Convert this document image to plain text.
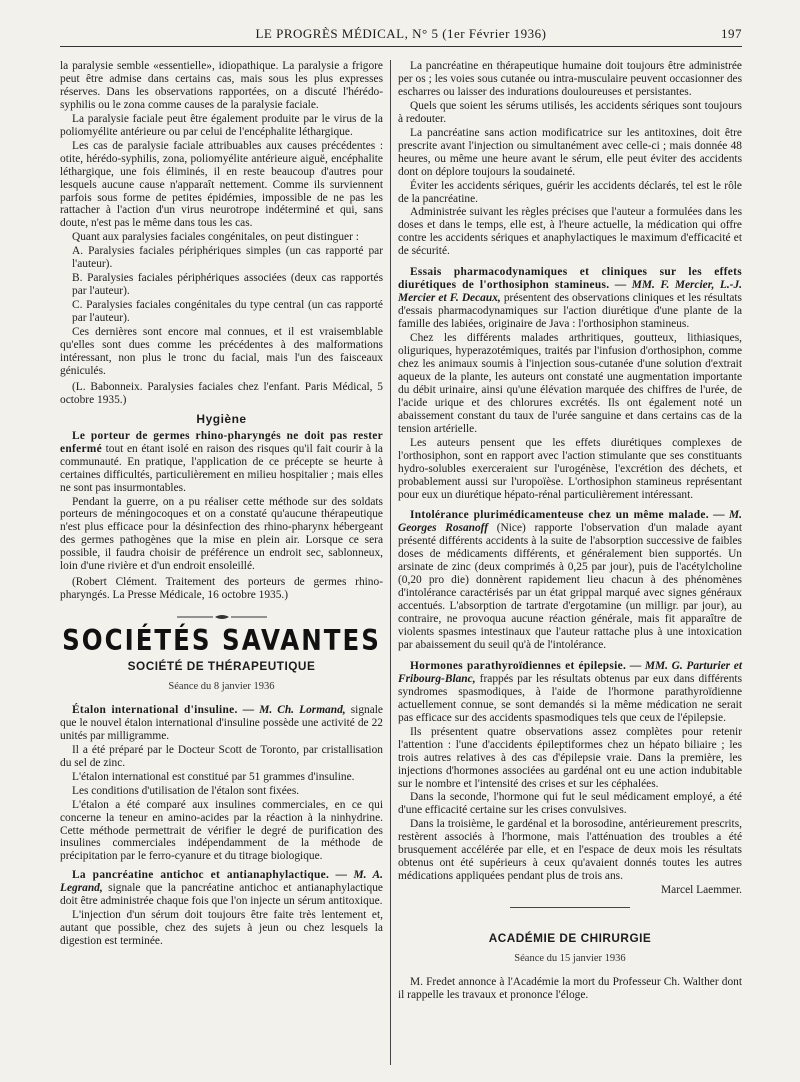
LE PROGRÈS MÉDICAL, N° 5 (1er Février 1936)	197

la paralysie semble «essentielle», idiopathique. La paralysie a frigore peut être admise dans certains cas, mais sous les plus expresses réserves. Dans les observations rapportées, on a discuté l'hérédo-syphilis ou le zona comme causes de la paralysie faciale.

La paralysie faciale peut être également produite par le virus de la poliomyélite antérieure ou par celui de l'encéphalite léthargique.

Les cas de paralysie faciale attribuables aux causes précédentes : otite, hérédo-syphilis, zona, poliomyélite antérieure aiguë, encéphalite léthargique, une fois éliminés, il en reste beaucoup d'autres pour lesquels aucune cause n'apparaît nettement. Comme ils surviennent parfois sous forme de petites épidémies, impossible de ne pas les rattacher à l'action d'un virus neurotrope indéterminé et qui, sans doute, n'est pas le même dans tous les cas.

Quant aux paralysies faciales congénitales, on peut distinguer :

A. Paralysies faciales périphériques simples (un cas rapporté par l'auteur).

B. Paralysies faciales périphériques associées (deux cas rapportés par l'auteur).

C. Paralysies faciales congénitales du type central (un cas rapporté par l'auteur).

Ces dernières sont encore mal connues, et il est vraisemblable qu'elles sont dues comme les précédentes à des malformations intéressant, non plus le tronc du facial, mais l'un des faisceaux géniculés.

(L. Babonneix. Paralysies faciales chez l'enfant. Paris Médical, 5 octobre 1935.)

Hygiène

Le porteur de germes rhino-pharyngés ne doit pas rester enfermé tout en étant isolé en raison des risques qu'il fait courir à la communauté. En pratique, l'application de ce précepte se heurte à certaines difficultés, particulièrement en milieu hospitalier ; mais elles ne sont pas insurmontables.

Pendant la guerre, on a pu réaliser cette méthode sur des soldats porteurs de méningocoques et on a constaté qu'aucune thérapeutique n'est plus efficace pour la désinfection des rhino-pharynx hébergeant des germes pathogènes que la mise en plein air. Lorsque ce sera possible, il faudra choisir de préférence un endroit sec, sablonneux, loin d'une rivière et d'un endroit ensoleillé.

(Robert Clément. Traitement des porteurs de germes rhino-pharyngés. La Presse Médicale, 16 octobre 1935.)

SOCIÉTÉS SAVANTES
SOCIÉTÉ DE THÉRAPEUTIQUE
Séance du 8 janvier 1936

Étalon international d'insuline. — M. Ch. Lormand, signale que le nouvel étalon international d'insuline possède une activité de 22 unités par milligramme.

Il a été préparé par le Docteur Scott de Toronto, par cristallisation du sel de zinc.

L'étalon international est constitué par 51 grammes d'insuline.

Les conditions d'utilisation de l'étalon sont fixées.

L'étalon a été comparé aux insulines commerciales, en ce qui concerne la teneur en amino-acides par la réaction à la ninhydrine. Cette méthode permettrait de vérifier le degré de purification des insulines commerciales indépendamment de la méthode de précipitation par le ferro-cyanure et du titrage biologique.

La pancréatine antichoc et antianaphylactique. — M. A. Legrand, signale que la pancréatine antichoc et antianaphylactique doit être administrée chaque fois que l'on injecte un sérum antitoxique.

L'injection d'un sérum doit toujours être faite très lentement et, autant que possible, chez des sujets à jeun ou chez lesquels la digestion est terminée.

La pancréatine en thérapeutique humaine doit toujours être administrée per os ; les voies sous cutanée ou intra-musculaire peuvent occasionner des escharres ou laisser des indurations douloureuses et persistantes.

Quels que soient les sérums utilisés, les accidents sériques sont toujours à redouter.

La pancréatine sans action modificatrice sur les antitoxines, doit être prescrite avant l'injection ou simultanément avec celle-ci ; mais donnée 48 heures, ou même une heure avant le sérum, elle peut éviter des accidents dont on déplore toujours la soudaineté.

Éviter les accidents sériques, guérir les accidents déclarés, tel est le rôle de la pancréatine.

Administrée suivant les règles précises que l'auteur a formulées dans les doses et dans le temps, elle est, à l'heure actuelle, la médication qui offre contre les accidents sériques et anaphylactiques le maximum d'efficacité et de sécurité.

Essais pharmacodynamiques et cliniques sur les effets diurétiques de l'orthosiphon stamineus. — MM. F. Mercier, L.-J. Mercier et F. Decaux, présentent des observations cliniques et les résultats d'essais pharmacodynamiques sur l'action diurétique d'une plante de la famille des labiées, originaire de Java : l'orthosiphon stamineus.

Chez les différents malades arthritiques, goutteux, lithiasiques, oliguriques, hyperazotémiques, traités par l'infusion d'orthosiphon, comme chez les animaux soumis à l'injection sous-cutanée d'une solution d'extrait aqueux de la plante, les auteurs ont constaté une augmentation importante du débit urinaire, ainsi qu'une élévation marquée des chiffres de l'urée, de l'acide urique et des chlorures excrétés. Ils ont également noté un abaissement constant du taux de l'urée sanguine et dans certains cas de la tension artérielle.

Les auteurs pensent que les effets diurétiques complexes de l'orthosiphon, sont en rapport avec l'action stimulante que ses constituants hydro-solubles exerceraient sur l'urogénèse, l'excrétion des déchets, et probablement aussi sur l'uropoïèse. L'orthosiphon stamineus représentant pour eux un diurétique hépato-rénal particulièrement intéressant.

Intolérance plurimédicamenteuse chez un même malade. — M. Georges Rosanoff (Nice) rapporte l'observation d'un malade ayant présenté différents accidents à la suite de l'absorption successive de faibles doses de médicaments différents, et généralement bien supportés. Un arsinate de zinc (deux comprimés à 0,25 par jour), puis de l'acétylcholine (0,20 pro die) donnèrent rapidement lieu chacun à des phénomènes d'intolérance caractérisés par un état grippal marqué avec signes généraux accentués. L'absorption de tartrate d'ergotamine (un milligr. par jour), au contraire, ne provoqua aucune réaction générale, mais fit apparaître de violents spasmes intestinaux que l'auteur rattache plus à une intoxication par abaissement du seuil qu'à de l'intolérance.

Hormones parathyroïdiennes et épilepsie. — MM. G. Parturier et Fribourg-Blanc, frappés par les résultats obtenus par eux dans différents syndromes spasmodiques, à l'aide de l'hormone parathyroïdienne actuellement connue, se sont demandés si la même médication ne serait pas efficace sur des accidents spasmodiques tels que ceux de l'épilepsie.

Ils présentent quatre observations assez complètes pour retenir l'attention : l'une d'accidents épileptiformes chez un hépato biliaire ; les trois autres relatives à des cas d'épilepsie vraie. Dans la première, les injections d'hormones associées au gardénal ont eu une action indubitable sur le nombre et l'intensité des crises et sur les céphalées.

Dans la seconde, l'hormone qui fut le seul médicament employé, a été d'une efficacité certaine sur les crises convulsives.

Dans la troisième, le gardénal et la borosodine, antérieurement prescrits, restèrent associés à l'hormone, mais l'atténuation des troubles a été brusquement accélérée par elle, et en l'espace de deux mois les résultats obtenus ont été supérieurs à ceux qu'avaient donnés toutes les autres médications appliquées pendant plus de trois ans.

Marcel Laemmer.

ACADÉMIE DE CHIRURGIE
Séance du 15 janvier 1936

M. Fredet annonce à l'Académie la mort du Professeur Ch. Walther dont il rappelle les travaux et prononce l'éloge.
